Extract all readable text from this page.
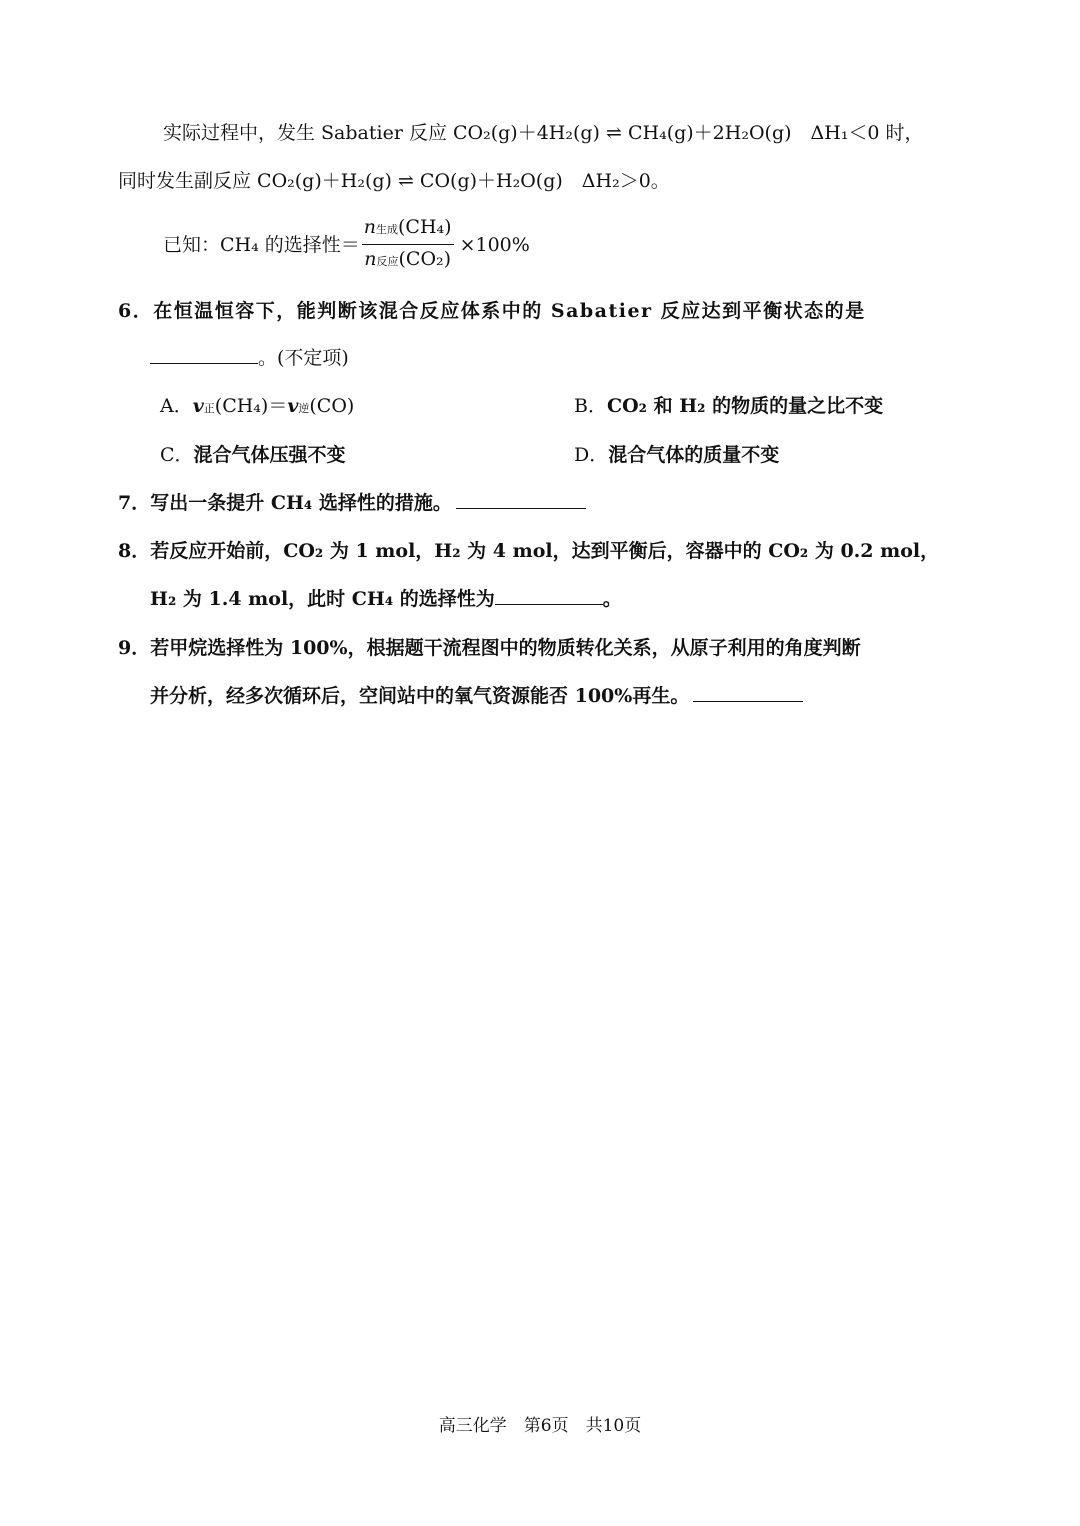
实际过程中，发生 Sabatier 反应 CO₂(g)＋4H₂(g) ⇌ CH₄(g)＋2H₂O(g)　ΔH₁＜0 时，
同时发生副反应 CO₂(g)＋H₂(g) ⇌ CO(g)＋H₂O(g)　ΔH₂＞0。
已知：CH₄ 的选择性＝ $\frac{\text{n生成(CH₄)}}{\text{n反应(CO₂)}} \times 100\%$
6．在恒温恒容下，能判断该混合反应体系中的 Sabatier 反应达到平衡状态的是
。(不定项)
A．v正(CH₄)＝v逆(CO)	B．CO₂ 和 H₂ 的物质的量之比不变
C．混合气体压强不变	D．混合气体的质量不变
7．写出一条提升 CH₄ 选择性的措施。
8．若反应开始前，CO₂ 为 1 mol，H₂ 为 4 mol，达到平衡后，容器中的 CO₂ 为 0.2 mol，
H₂ 为 1.4 mol，此时 CH₄ 的选择性为	。
9．若甲烷选择性为 100%，根据题干流程图中的物质转化关系，从原子利用的角度判断
并分析，经多次循环后，空间站中的氧气资源能否 100%再生。
高三化学　第6页　共10页
